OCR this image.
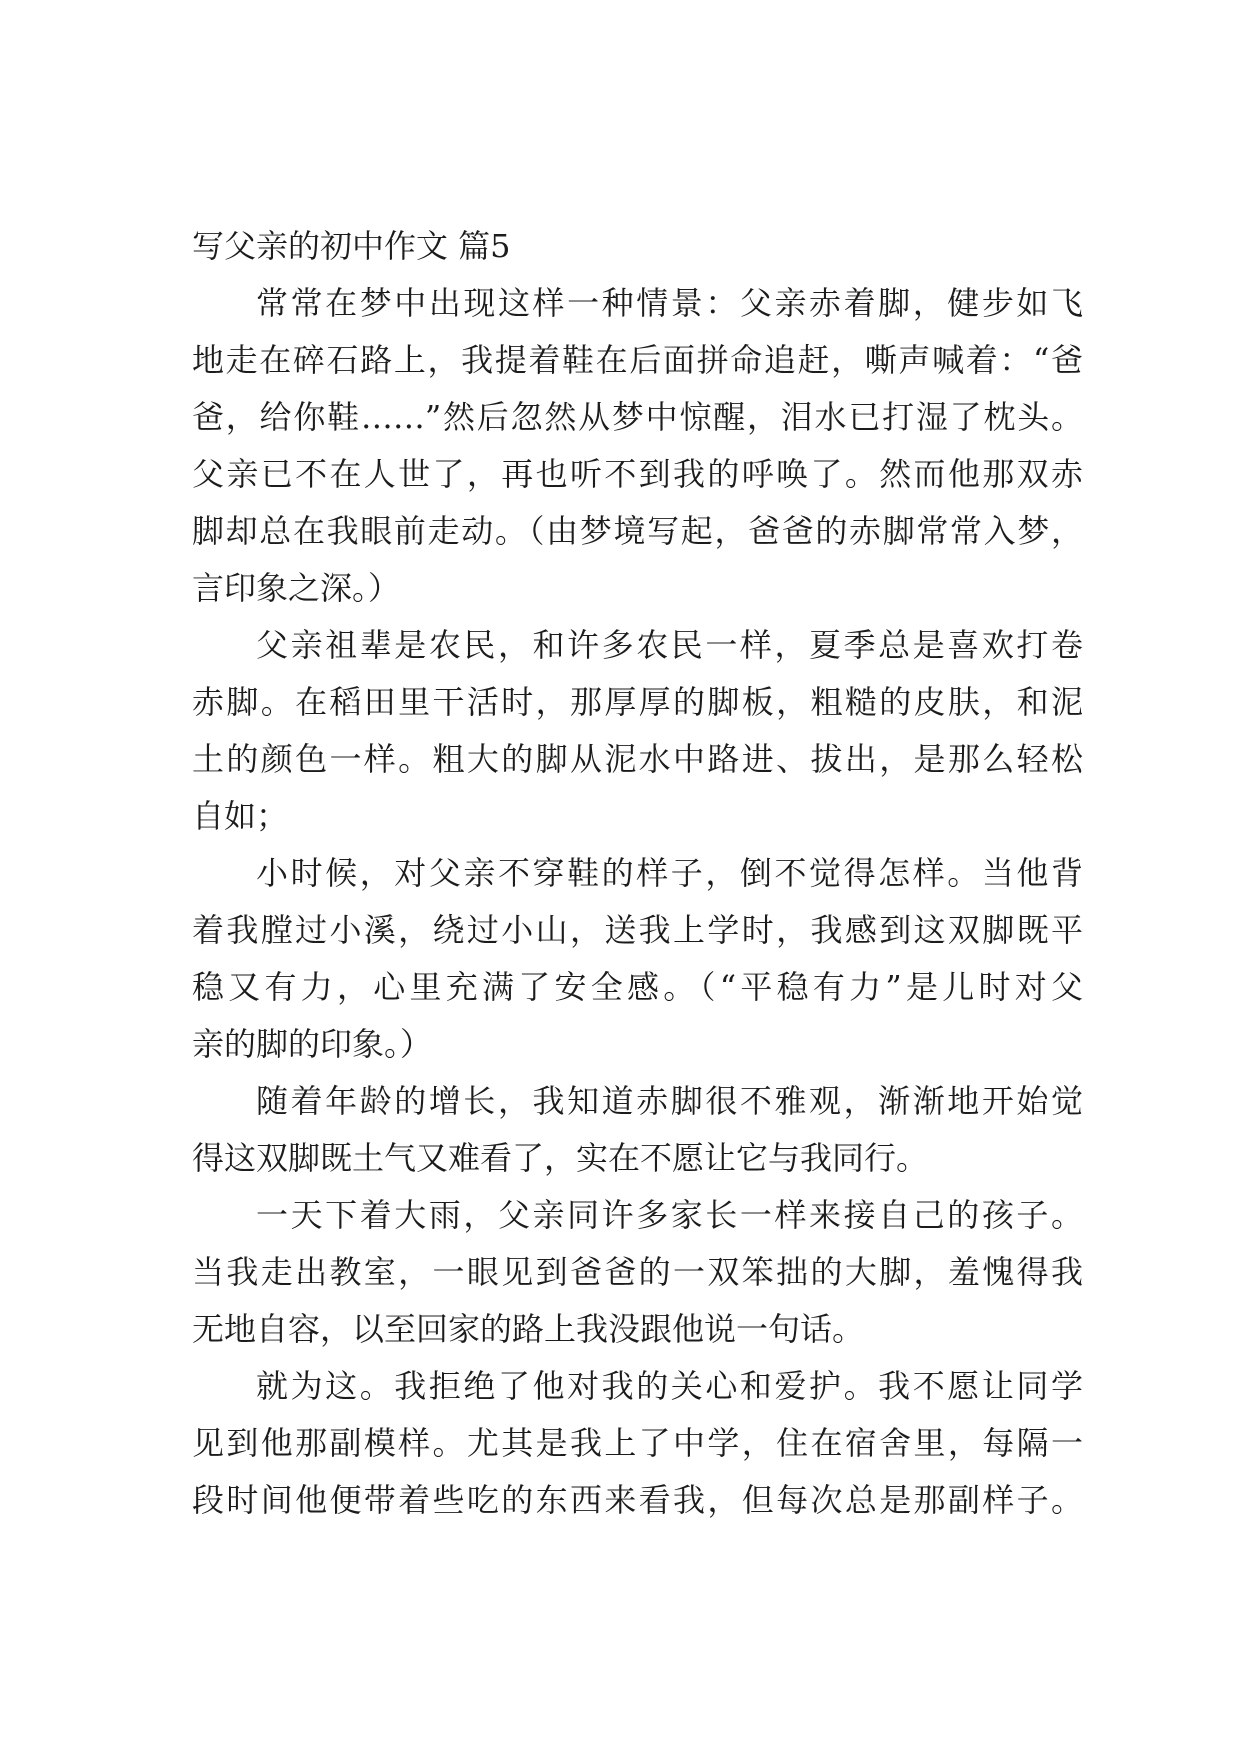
写父亲的初中作文 篇5
常常在梦中出现这样一种情景：父亲赤着脚，健步如飞
地走在碎石路上，我提着鞋在后面拼命追赶，嘶声喊着：“爸
爸，给你鞋……”然后忽然从梦中惊醒，泪水已打湿了枕头。
父亲已不在人世了，再也听不到我的呼唤了。然而他那双赤
脚却总在我眼前走动。（由梦境写起，爸爸的赤脚常常入梦，
言印象之深。）
父亲祖辈是农民，和许多农民一样，夏季总是喜欢打卷
赤脚。在稻田里干活时，那厚厚的脚板，粗糙的皮肤，和泥
土的颜色一样。粗大的脚从泥水中路进、拔出，是那么轻松
自如；
小时候，对父亲不穿鞋的样子，倒不觉得怎样。当他背
着我膛过小溪，绕过小山，送我上学时，我感到这双脚既平
稳又有力，心里充满了安全感。（“平稳有力”是儿时对父
亲的脚的印象。）
随着年龄的增长，我知道赤脚很不雅观，渐渐地开始觉
得这双脚既土气又难看了，实在不愿让它与我同行。
一天下着大雨，父亲同许多家长一样来接自己的孩子。
当我走出教室，一眼见到爸爸的一双笨拙的大脚，羞愧得我
无地自容，以至回家的路上我没跟他说一句话。
就为这。我拒绝了他对我的关心和爱护。我不愿让同学
见到他那副模样。尤其是我上了中学，住在宿舍里，每隔一
段时间他便带着些吃的东西来看我，但每次总是那副样子。
